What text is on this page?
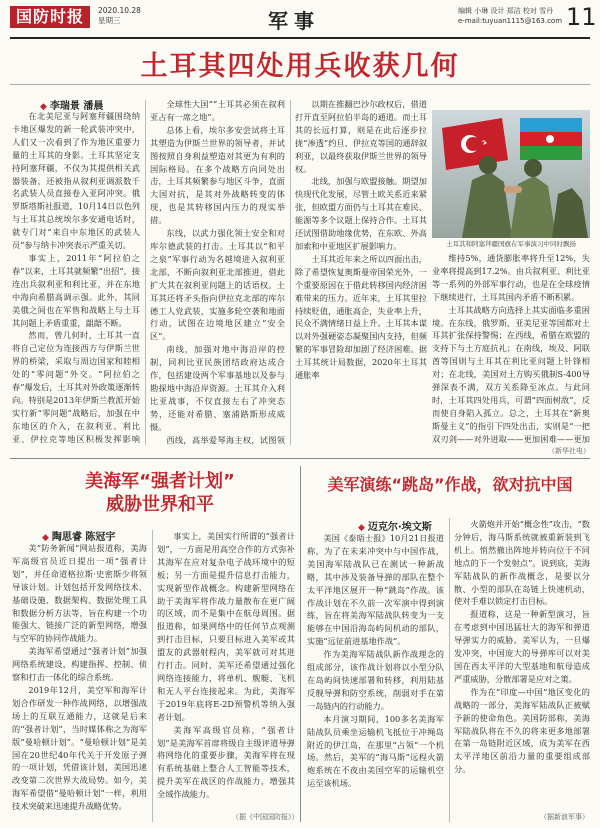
国防时报	2020.10.28
星期三	军事	编辑 小琳 设计 郑洁 校对 雪丹
e-mail:tuyuan1115@163.com 11
土耳其四处用兵收获几何
◆ 李瑞景 潘晨

在北美尼亚与阿塞拜疆围绕纳卡地区爆发的新一轮武装冲突中，人们又一次看到了作为地区重要力量的土耳其的身影。土耳其坚定支持阿塞拜疆，不仅为其提供相关武器装备，还被指从叙利亚调派数千名武装人员直接卷入亚阿冲突。俄罗斯塔斯社报道，10月14日以色列与土耳其总统埃尔多安通电话时，就专门对“来自中东地区的武装人员”参与纳卡冲突表示严重关切。

事实上，2011年“阿拉伯之春”以来，土耳其就频繁“出招”，接连出兵叙利亚和利比亚，并在东地中海向希腊高调示强。此外，其同美俄之间也在军售和战略上与土耳其问题上矛盾重重，龃龉不断。

然而，曾几何时，土耳其一直将自己定位为连接西方与伊斯兰世界的桥梁，采取与周边国家和睦相处的“零问题”外交。“阿拉伯之春”爆发后，土耳其对外政策逐渐转向。特别是2013年伊斯兰教派开始实行新“零问题”战略后，加强在中东地区的介入，在叙利亚、利比亚、伊拉克等地区积极发挥影响

全球性大国”“土耳其必须在叙利亚占有一席之地”。

总体上看，埃尔多安尝试将土耳其塑造为伊斯兰世界的领导者，并试图按照自身利益塑造对其更为有利的国际格局。在多个战略方向同处出击，土耳其频繁参与地区斗争，直面大国对抗，是其对外战略转变的体现，也是其转移国内压力的现实举措。

东线，以武力强化领土安全和对库尔德武装的打击。土耳其以“和平之泉”军事行动为名越境进入叙利亚北部，不断向叙利亚北部推进，借此扩大其在叙利亚问题上的话语权。土耳其还将矛头指向伊拉克北部的库尔德工人党武装，实施多轮空袭和地面行动，试图在边境地区建立“安全区”。

南线，加强对地中海沿岸的控制，同利比亚民族团结政府达成合作，包括建设两个军事基地以及参与勘探地中海沿岸资源。土耳其介入利比亚战事，不仅直接左右了冲突态势，还能对希腊、塞浦路斯形成威慑。

西线，高举爱琴海主权，试图领

以期在推翻巴沙尔政权后，借道打开直至阿拉伯半岛的通道。而土耳其的长远打算，则是在此后逐步拉拢“渗透”约旦、伊拉克等国的通辞叙利亚，以最终获取伊斯兰世界的领导权。

北线，加强与欧盟接触。期望加快现代化发展，尽管土欧关系近来紧张，但欧盟方面仍与土耳其在难民、能源等多个议题上保持合作。土耳其还试图借助地缘优势，在东欧、外高加索和中亚地区扩展影响力。

土耳其近年来之所以四面出击，除了希望恢复奥斯曼帝国荣光外，一个重要原因在于借此转移国内经济困难带来的压力。近年来，土耳其里拉持续贬值，通胀高企，失业率上升，民众不满情绪日益上升。土耳其本谋以对外强硬姿态凝聚国内支持，但频繁的军事冒险却加剧了经济困难。据土耳其统计局数据，2020年土耳其通胀率

土耳其和阿塞拜疆国旗在军事演习中同时飘扬

维持5%，通货膨胀率将升至12%，失业率将提高到17.2%。由兵叙利亚、利比亚等一系列的外部军事行动，也是在全球疫情下继续进行，土耳其国内矛盾不断积累。

土耳其战略方向选择上其实面临多重困境。在东线，俄罗斯、亚美尼亚等国都对土耳其扩张保持警惕；在西线，希腊在欧盟的支持下与土方庭抗礼；在南线，埃及、阿联酋等国则与土耳其在利比亚问题上针锋相对；在北线，美国对土方购买俄制S-400导弹深表不满，双方关系降至冰点。与此同时，土耳其四处用兵，可谓“四面树敌”，反而使自身陷入孤立。总之，土耳其在“新奥斯曼主义”的指引下四处出击，实则是“一把双刃剑——对外进取——更加困难——更加

（新华社电）
美海军“强者计划”
威胁世界和平
◆ 陶思睿 陈冠宇

美“防务新闻”网站报道称，美海军高级官员近日提出一项“强者计划”，并任命道格拉斯·史密斯少将领导该计划。计划包括开发网络技术、基础设施、数据架构、数据处理工具和数据分析方法等，旨在构建一个功能强大、链接广泛的新型网络，增强与空军的协同作战能力。

美海军希望通过“强者计划”加强网络系统建设，构建指挥、控制、侦察和打击一体化的综合系统。

2019年12月，美空军和海军计划合作研发一种作战网络，以增强战场上的互联互通能力，这就是后来的“强者计划”，当时媒体称之为海军版“曼哈顿计划”。“曼哈顿计划”是美国在20世纪40年代关于开发原子弹的一项计划，凭借该计划，美国迅速改变第二次世界大战局势。如今，美海军希望借“曼哈顿计划”一样，利用技术突破来迅速提升战略优势。

事实上，美国实行所谓的“强者计划”，一方面是用高空合作的方式弥补其海军在应对复杂电子战环境中的短板；另一方面是提升信息打击能力，实现新型作战概念。构建新型网络在助于美海军将作战力量散布在更广阔的区域，而不是集中在航母周围。据报道称，如果网络中的任何节点观测到打击目标，只要目标进入美军或其盟友的武器射程内，美军就可对其进行打击。同时，美军还希望通过强化网络连接能力，将单机、舰艇、飞机和无人平台连接起来。为此，美海军于2019年底将E-2D预警机等纳入强者计划。

美海军高级官员称，“强者计划”是美海军首席将级自主级评道导弹将网络化的重要步骤，美海军将在现有系统基础上整合人工智能等技术，提升美军在战区的作战能力，增强其全域作战能力。

（据《中国国防报》）
美军演练“跳岛”作战，欲对抗中国
◆ 迈克尔·埃文斯

美国《泰晤士报》10月21日报道称，为了在未来冲突中与中国作战，美国海军陆战队已在测试一种新战略，其中涉及装备导弹的部队在整个太平洋地区展开一种“跳岛”作战。该作战计划在不久前一次军演中得到演练，旨在将美海军陆战队转变为一支能够在中国沿海岛屿间机动的部队，实施“远征前进基地作战”。

作为美海军陆战队新作战理念的组成部分，该作战计划将以小型分队在岛屿间快速部署和转移，利用陆基反舰导弹和防空系统，削弱对手在第一岛链内的行动能力。

本月演习期间，100多名美海军陆战队员乘坐运输机飞抵位于冲绳岛附近的伊江岛，在那里“占领”一个机场。然后，美军的“海马斯”远程火箭炮系统在不夜由美国空军的运输机空运至该机场。

火箭炮并开始“概念性”攻击，“数分钟后，海马斯系统就被重新装到飞机上。悄然撤出阵地并转向位于不同地点的下一个发射点”。说到底，美海军陆战队的新作战概念，是要以分散、小型的部队在岛链上快速机动，使对手难以锁定打击目标。

报道称，这是一种新型演习，旨在考虑到中国迅猛壮大的海军和弹道导弹实力的威胁。美军认为，一旦爆发冲突，中国庞大的导弹库可以对美国在西太平洋的大型基地和航母造成严重威胁，分散部署是应对之策。

作为在“印度—中国”地区变化的战略的一部分，美海军陆战队正被赋予新的使命角色。美国防部称，美海军陆战队将在不久的将来更多地部署在第一岛链附近区域，成为美军在西太平洋地区前沿力量的重要组成部分。

（据新浪军事）
